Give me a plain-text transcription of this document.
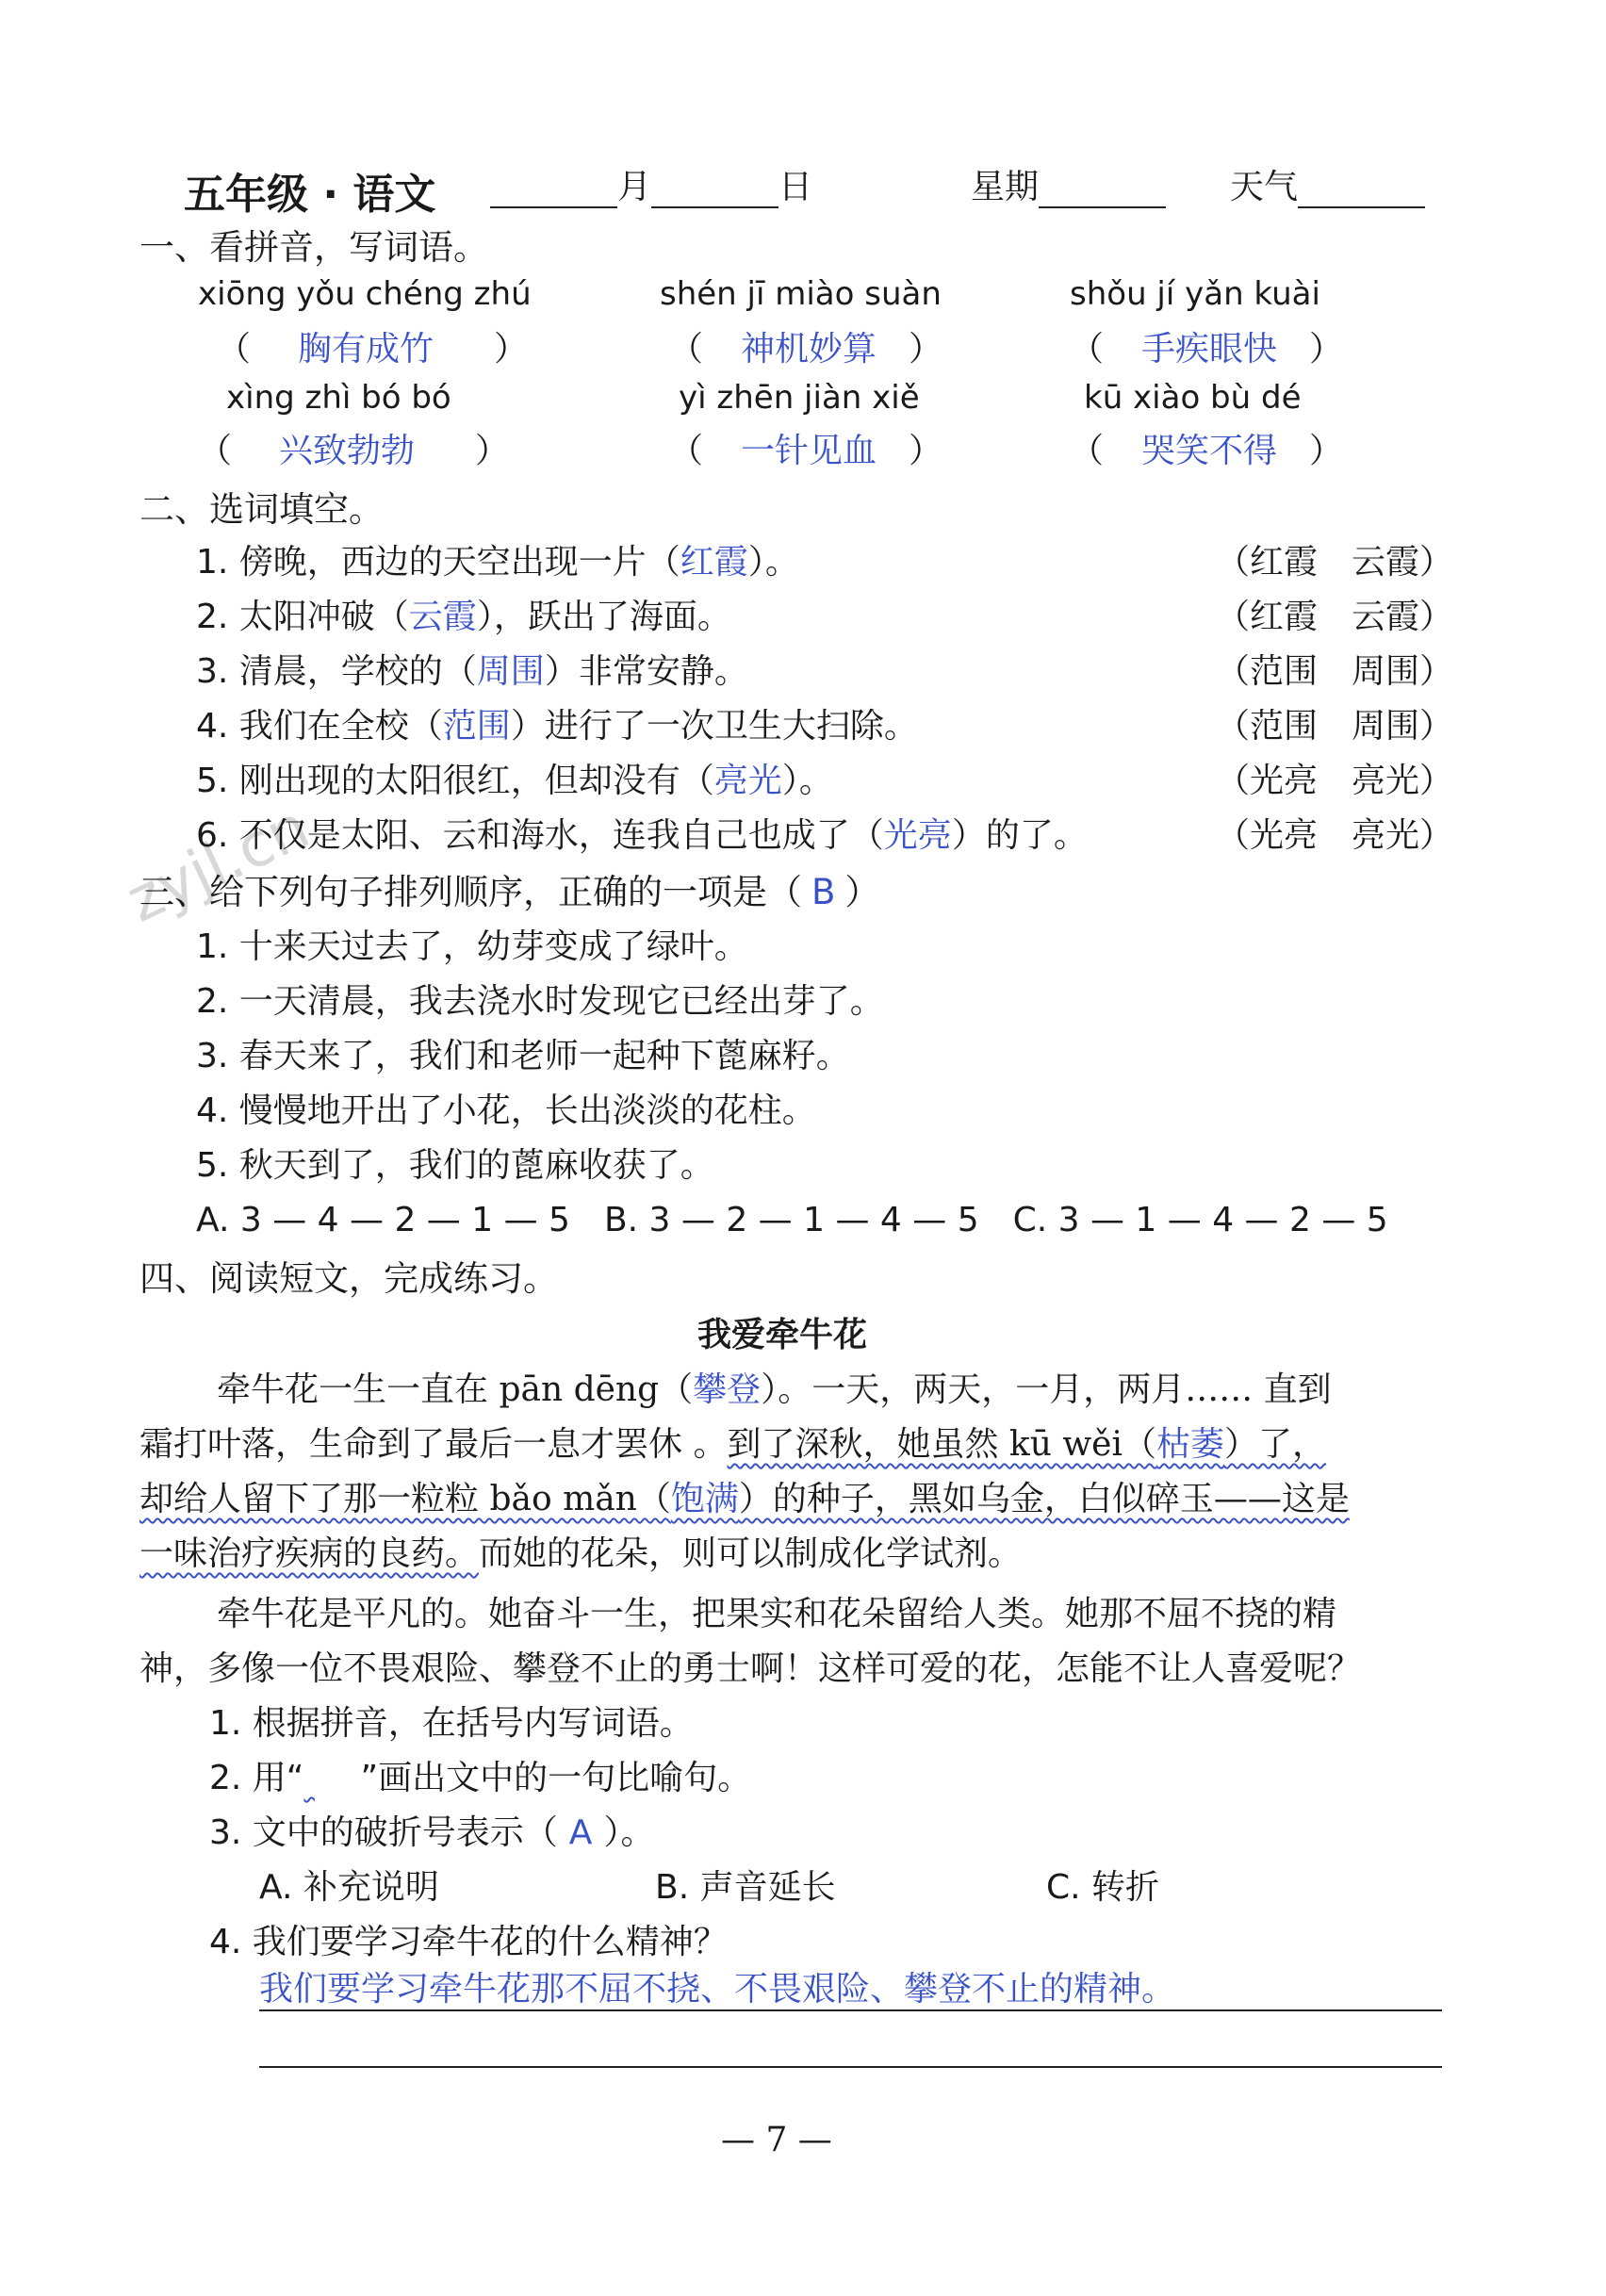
zyjl.cn
五年级 · 语文	月	日	星期	天气
一、看拼音，写词语。
xiōng yǒu chéng zhú	shén jī miào suàn	shǒu jí yǎn kuài
（ 胸有成竹 ）	（ 神机妙算 ）	（ 手疾眼快 ）
xìng zhì bó bó	yì zhēn jiàn xiě	kū xiào bù dé
（ 兴致勃勃 ）	（ 一针见血 ）	（ 哭笑不得 ）
二、选词填空。
1. 傍晚，西边的天空出现一片（红霞）。	（红霞　云霞）
2. 太阳冲破（云霞），跃出了海面。	（红霞　云霞）
3. 清晨，学校的（周围）非常安静。	（范围　周围）
4. 我们在全校（范围）进行了一次卫生大扫除。	（范围　周围）
5. 刚出现的太阳很红，但却没有（亮光）。	（光亮　亮光）
6. 不仅是太阳、云和海水，连我自己也成了（光亮）的了。	（光亮　亮光）
三、给下列句子排列顺序，正确的一项是（ B ）
1. 十来天过去了，幼芽变成了绿叶。
2. 一天清晨，我去浇水时发现它已经出芽了。
3. 春天来了，我们和老师一起种下蓖麻籽。
4. 慢慢地开出了小花，长出淡淡的花柱。
5. 秋天到了，我们的蓖麻收获了。
A. 3 — 4 — 2 — 1 — 5　B. 3 — 2 — 1 — 4 — 5　C. 3 — 1 — 4 — 2 — 5
四、阅读短文，完成练习。
我爱牵牛花
牵牛花一生一直在 pān dēng（攀登）。一天，两天，一月，两月…… 直到
霜打叶落，生命到了最后一息才罢休 。到了深秋，她虽然 kū wěi（枯萎）了，
却给人留下了那一粒粒 bǎo mǎn（饱满）的种子，黑如乌金，白似碎玉——这是
一味治疗疾病的良药。而她的花朵，则可以制成化学试剂。
牵牛花是平凡的。她奋斗一生，把果实和花朵留给人类。她那不屈不挠的精
神，多像一位不畏艰险、攀登不止的勇士啊！这样可爱的花，怎能不让人喜爱呢？
1. 根据拼音，在括号内写词语。
2. 用“ ”画出文中的一句比喻句。
3. 文中的破折号表示（ A ）。
A. 补充说明	B. 声音延长	C. 转折
4. 我们要学习牵牛花的什么精神？
我们要学习牵牛花那不屈不挠、不畏艰险、攀登不止的精神。
— 7 —
